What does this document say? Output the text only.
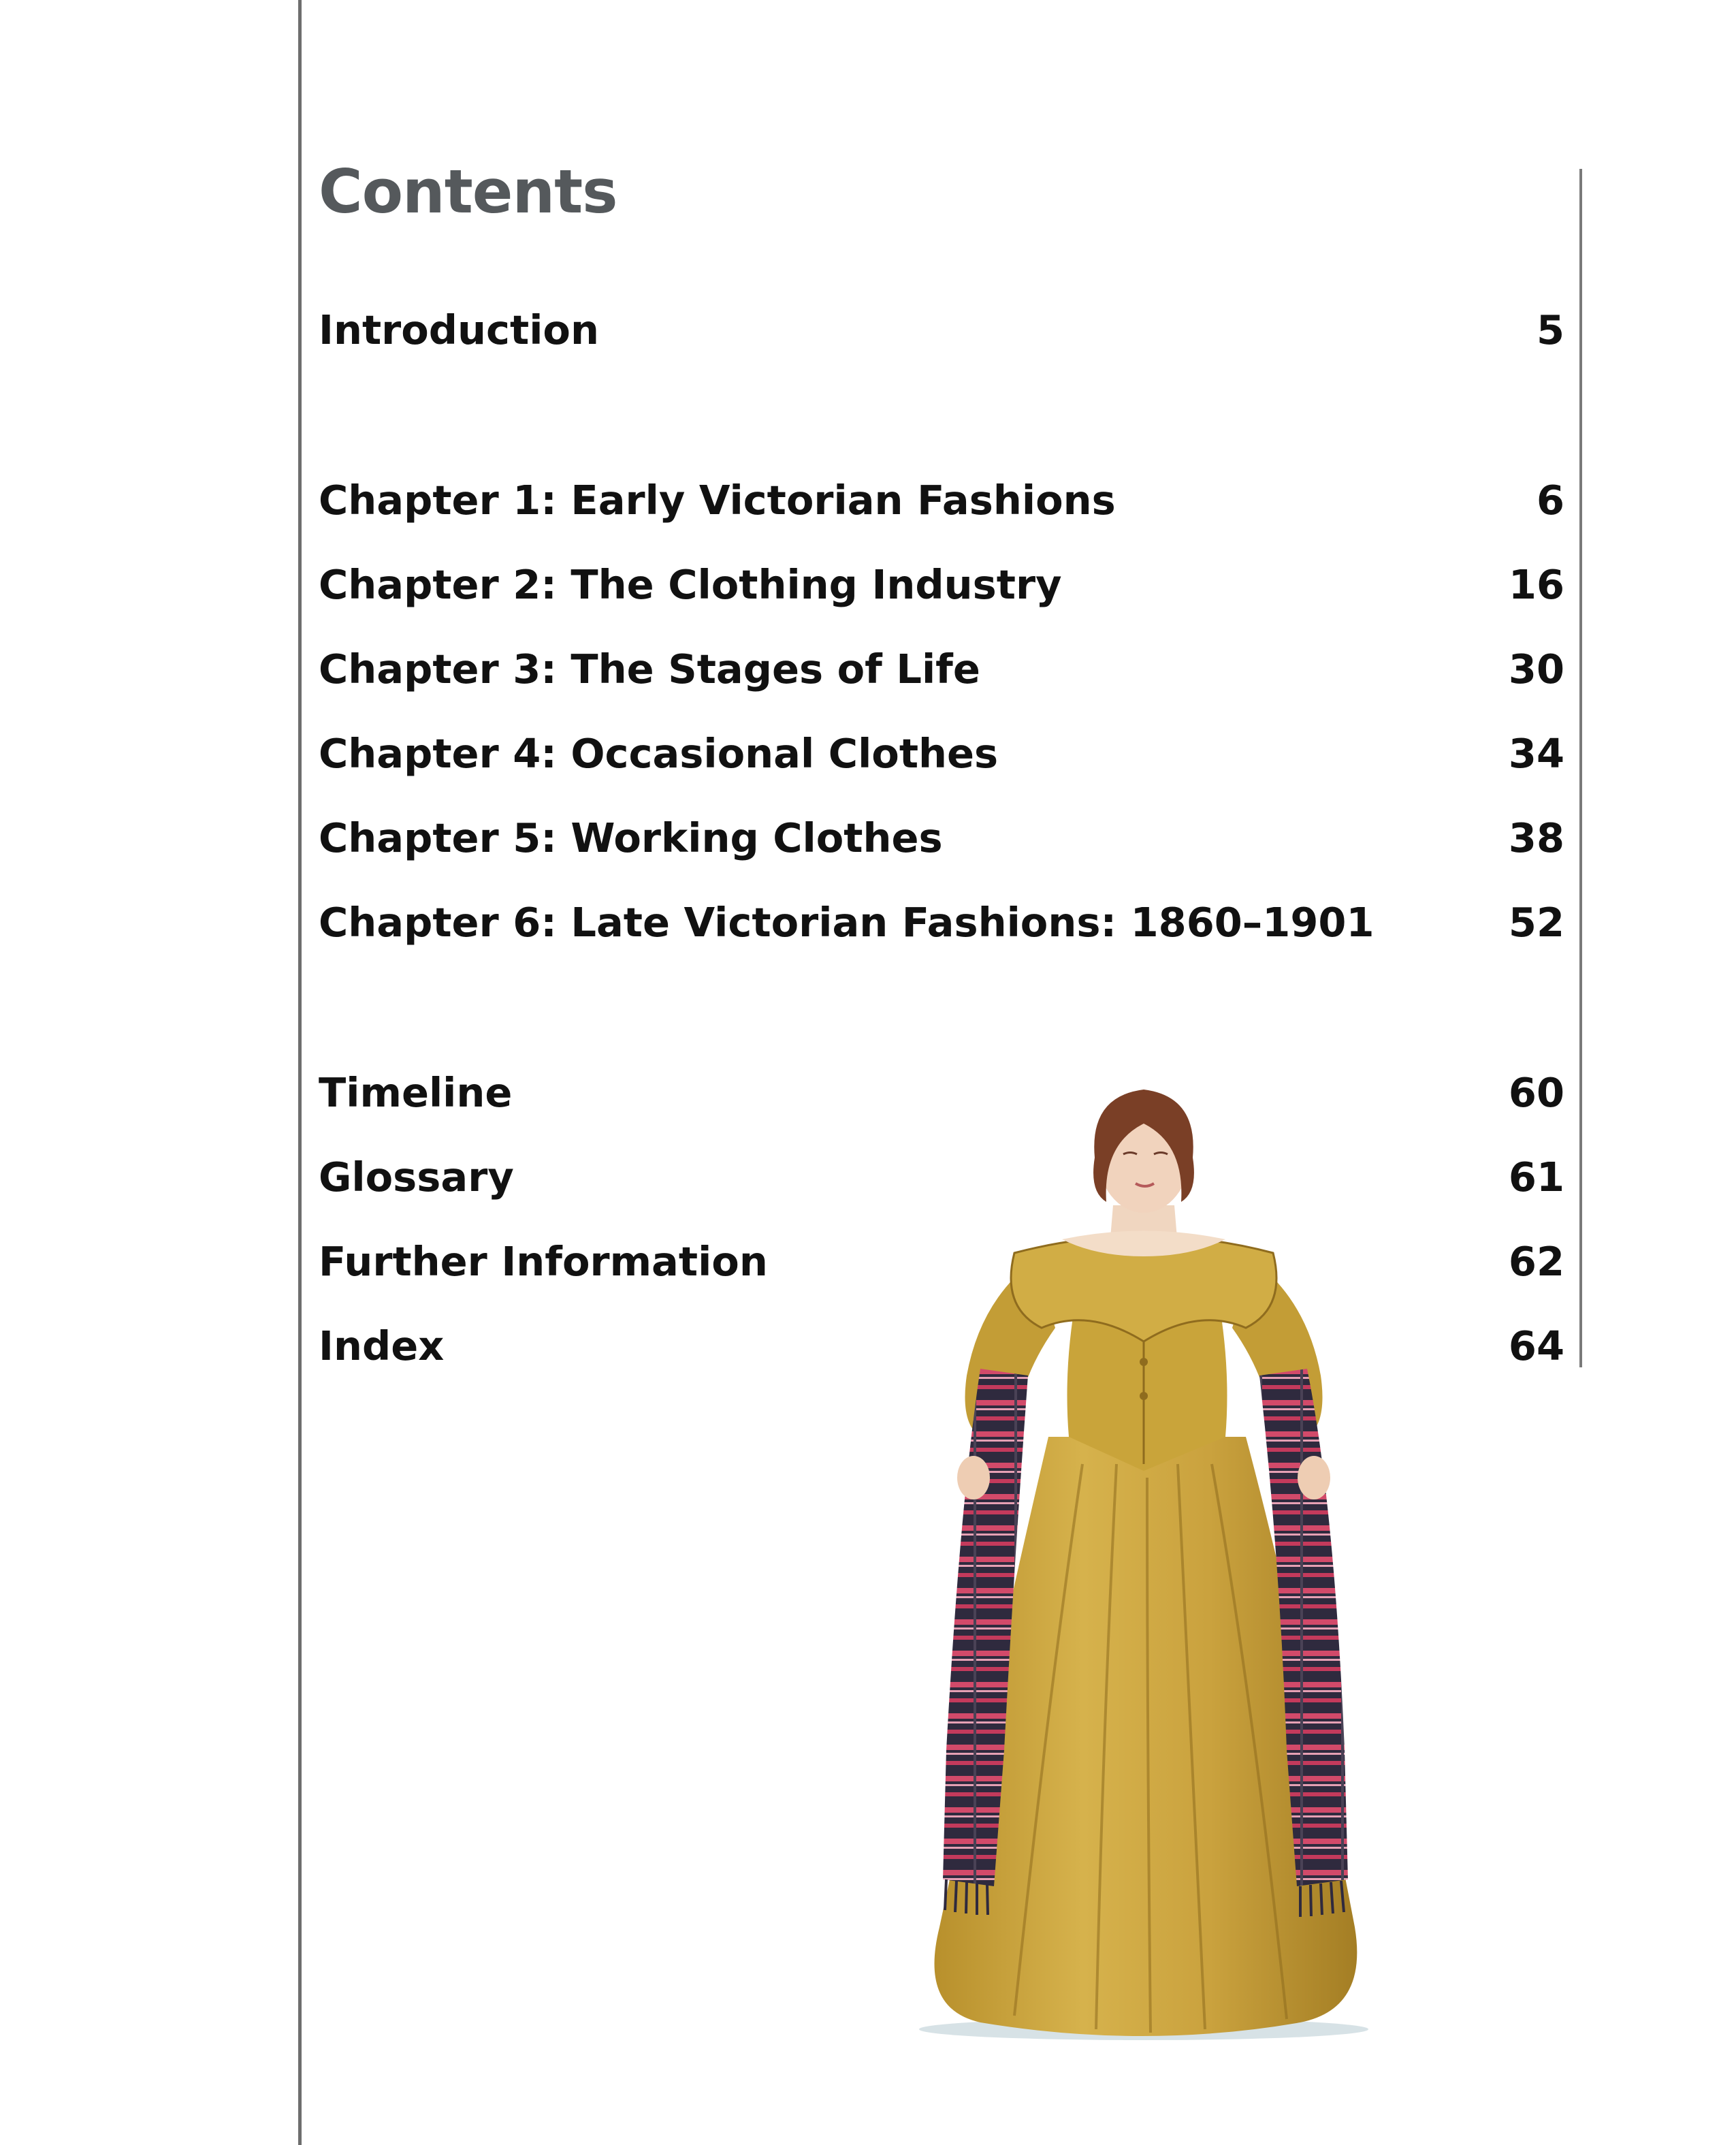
Contents
Introduction	5
Chapter 1: Early Victorian Fashions	6
Chapter 2: The Clothing Industry	16
Chapter 3: The Stages of Life	30
Chapter 4: Occasional Clothes	34
Chapter 5: Working Clothes	38
Chapter 6: Late Victorian Fashions: 1860–1901	52
Timeline	60
Glossary	61
Further Information	62
Index	64
